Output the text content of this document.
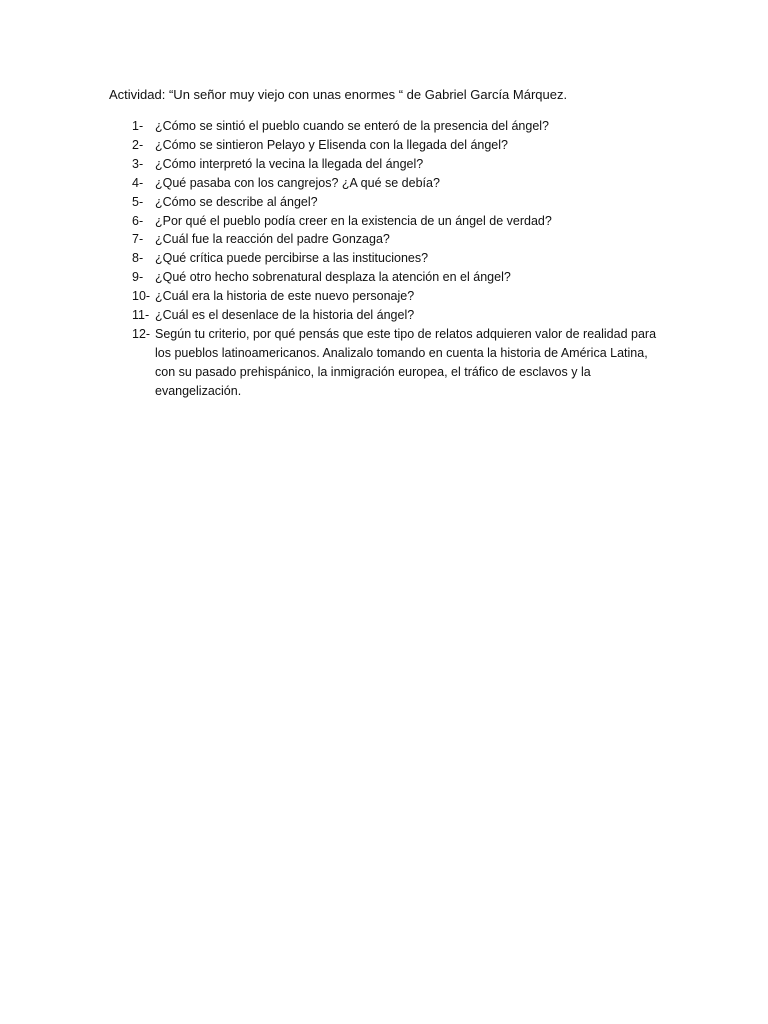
Actividad: “Un señor muy viejo con unas enormes “ de Gabriel García Márquez.
1- ¿Cómo se sintió el pueblo cuando se enteró de la presencia del ángel?
2- ¿Cómo se sintieron Pelayo y Elisenda con la llegada del ángel?
3- ¿Cómo interpretó la vecina la llegada del ángel?
4- ¿Qué pasaba con los cangrejos? ¿A qué se debía?
5- ¿Cómo se describe al ángel?
6- ¿Por qué el pueblo podía creer en la existencia de un ángel de verdad?
7- ¿Cuál fue la reacción del padre Gonzaga?
8- ¿Qué crítica puede percibirse a las instituciones?
9- ¿Qué otro hecho sobrenatural desplaza la atención en el ángel?
10- ¿Cuál era la historia de este nuevo personaje?
11- ¿Cuál es el desenlace de la historia del ángel?
12- Según tu criterio, por qué pensás que este tipo de relatos adquieren valor de realidad para los pueblos latinoamericanos. Analizalo tomando en cuenta la historia de América Latina, con su pasado prehispánico, la inmigración europea, el tráfico de esclavos y la evangelización.
